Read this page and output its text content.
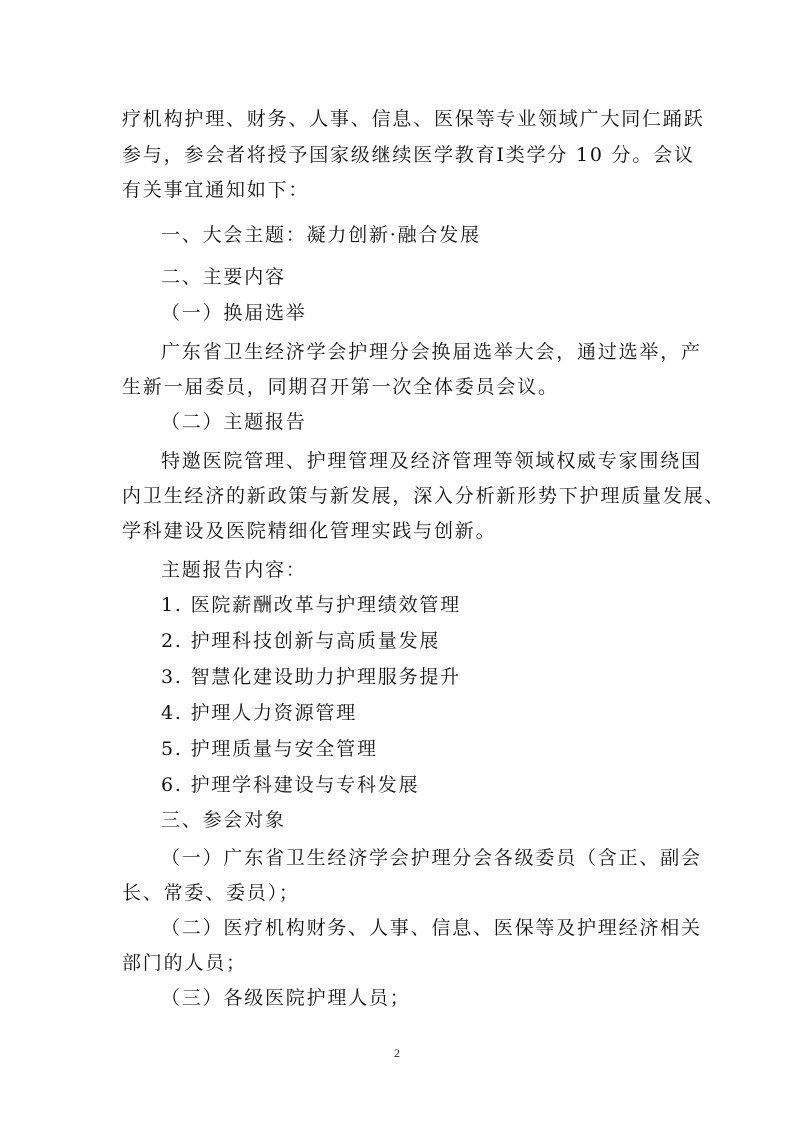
疗机构护理、财务、人事、信息、医保等专业领域广大同仁踊跃
参与，参会者将授予国家级继续医学教育Ⅰ类学分 10 分。会议
有关事宜通知如下：
一、大会主题：凝力创新·融合发展
二、主要内容
（一）换届选举
广东省卫生经济学会护理分会换届选举大会，通过选举，产
生新一届委员，同期召开第一次全体委员会议。
（二）主题报告
特邀医院管理、护理管理及经济管理等领域权威专家围绕国
内卫生经济的新政策与新发展，深入分析新形势下护理质量发展、
学科建设及医院精细化管理实践与创新。
主题报告内容：
1. 医院薪酬改革与护理绩效管理
2. 护理科技创新与高质量发展
3. 智慧化建设助力护理服务提升
4. 护理人力资源管理
5. 护理质量与安全管理
6. 护理学科建设与专科发展
三、参会对象
（一）广东省卫生经济学会护理分会各级委员（含正、副会
长、常委、委员）；
（二）医疗机构财务、人事、信息、医保等及护理经济相关
部门的人员；
（三）各级医院护理人员；
2
